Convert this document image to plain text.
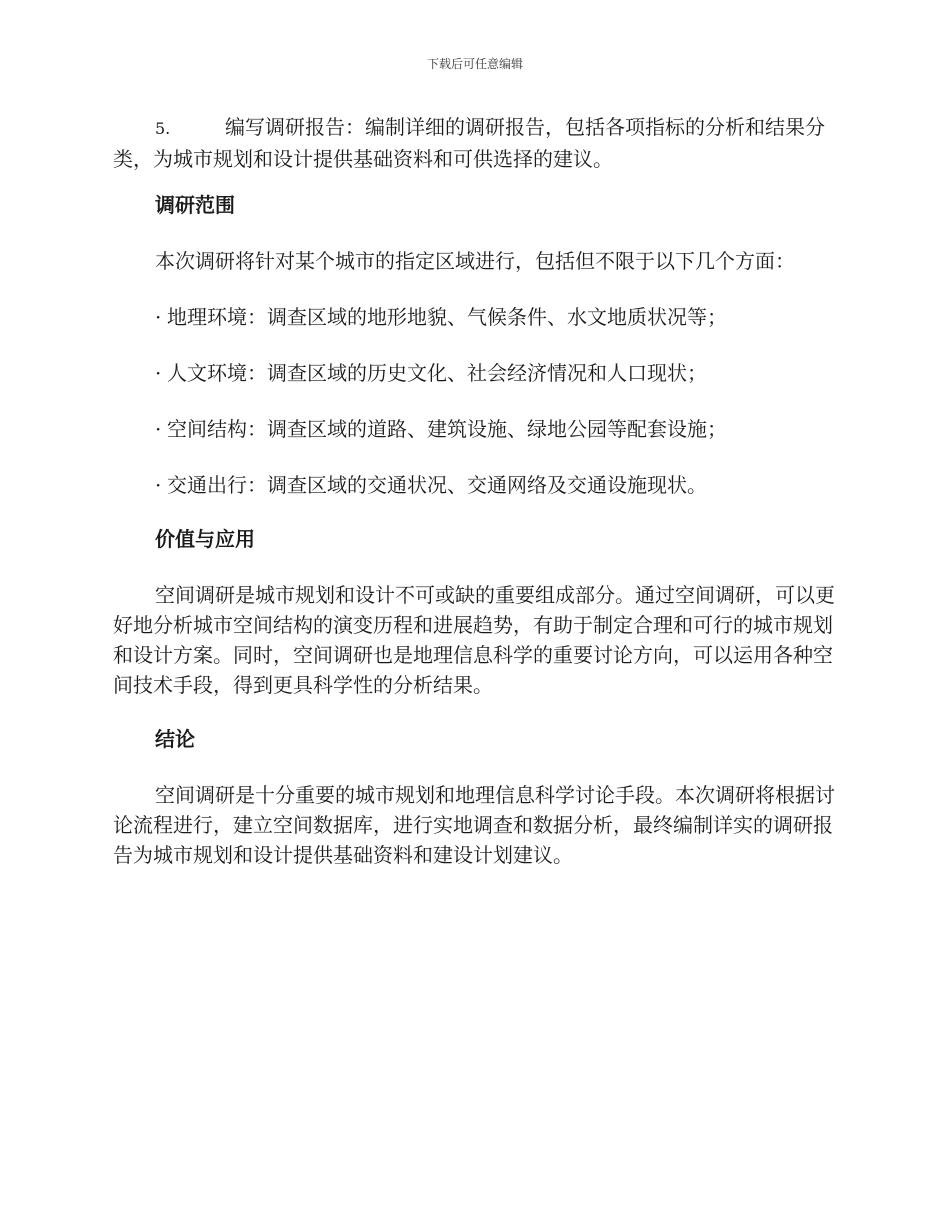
下载后可任意编辑

5.	编写调研报告：编制详细的调研报告，包括各项指标的分析和结果分类，为城市规划和设计提供基础资料和可供选择的建议。

调研范围

本次调研将针对某个城市的指定区域进行，包括但不限于以下几个方面：

· 地理环境：调查区域的地形地貌、气候条件、水文地质状况等；

· 人文环境：调查区域的历史文化、社会经济情况和人口现状；

· 空间结构：调查区域的道路、建筑设施、绿地公园等配套设施；

· 交通出行：调查区域的交通状况、交通网络及交通设施现状。

价值与应用

空间调研是城市规划和设计不可或缺的重要组成部分。通过空间调研，可以更好地分析城市空间结构的演变历程和进展趋势，有助于制定合理和可行的城市规划和设计方案。同时，空间调研也是地理信息科学的重要讨论方向，可以运用各种空间技术手段，得到更具科学性的分析结果。

结论

空间调研是十分重要的城市规划和地理信息科学讨论手段。本次调研将根据讨论流程进行，建立空间数据库，进行实地调查和数据分析，最终编制详实的调研报告为城市规划和设计提供基础资料和建设计划建议。
